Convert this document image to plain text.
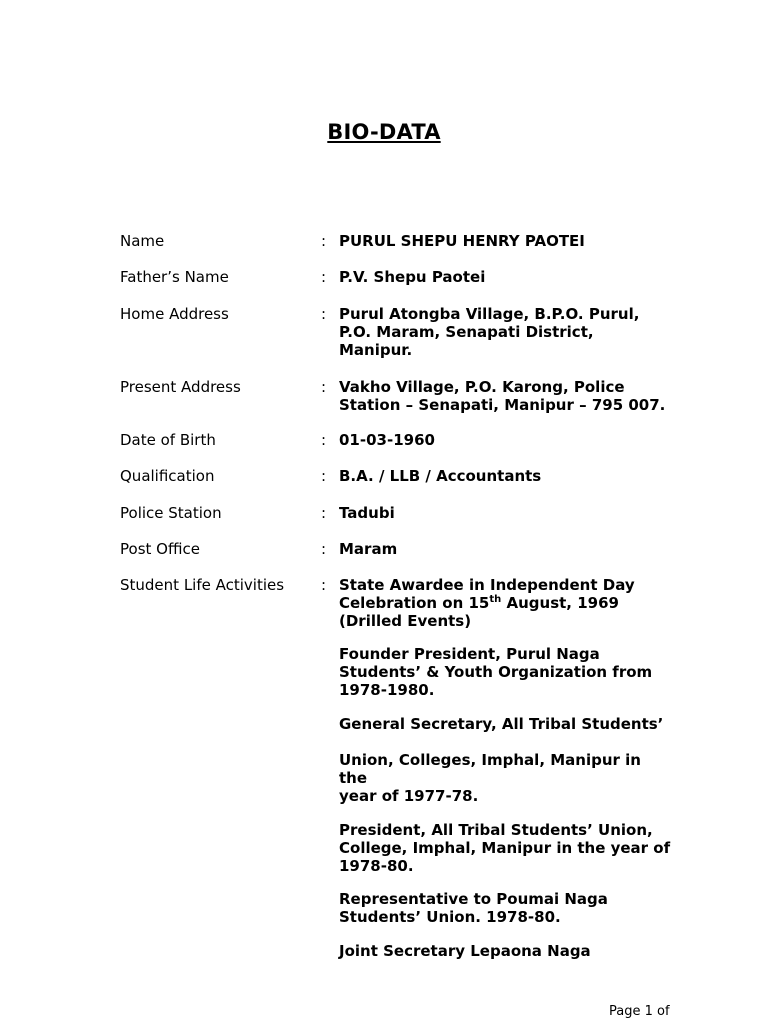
BIO-DATA
Name	: PURUL SHEPU HENRY PAOTEI
Father’s Name	: P.V. Shepu Paotei
Home Address	: Purul Atongba Village, B.P.O. Purul,
P.O. Maram, Senapati District,
Manipur.
Present Address	: Vakho Village, P.O. Karong, Police
Station – Senapati, Manipur – 795 007.
Date of Birth	: 01-03-1960
Qualification	: B.A. / LLB / Accountants
Police Station	: Tadubi
Post Office	: Maram
Student Life Activities : State Awardee in Independent Day
Celebration on 15th August, 1969
(Drilled Events)
Founder President, Purul Naga
Students’ & Youth Organization from
1978-1980.
General Secretary, All Tribal Students’
Union, Colleges, Imphal, Manipur in
the
year of 1977-78.
President, All Tribal Students’ Union,
College, Imphal, Manipur in the year of
1978-80.
Representative to Poumai Naga
Students’ Union. 1978-80.
Joint Secretary Lepaona Naga
Page 1 of
